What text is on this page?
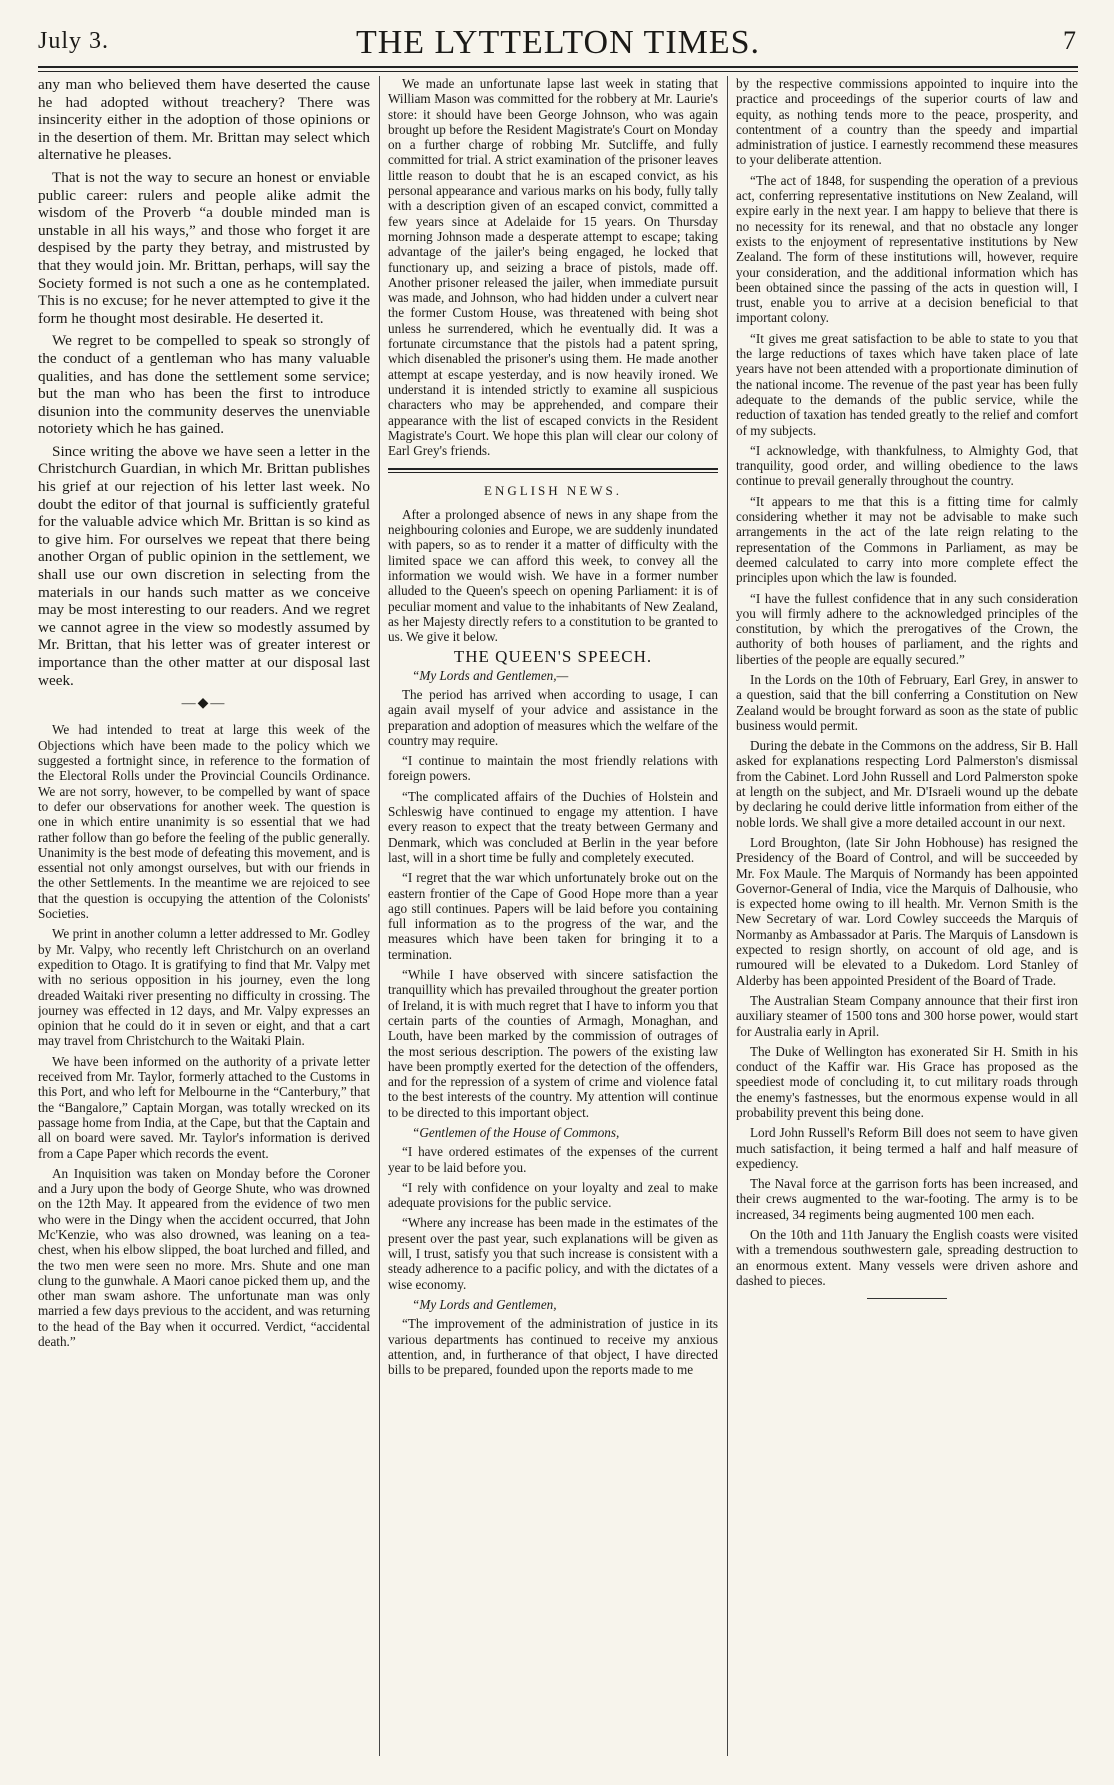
July 3.	THE LYTTELTON TIMES.	7

any man who believed them have deserted the cause he had adopted without treachery? There was insincerity either in the adoption of those opinions or in the desertion of them. Mr. Brittan may select which alternative he pleases.

That is not the way to secure an honest or enviable public career: rulers and people alike admit the wisdom of the Proverb “a double minded man is unstable in all his ways,” and those who forget it are despised by the party they betray, and mistrusted by that they would join. Mr. Brittan, perhaps, will say the Society formed is not such a one as he contemplated. This is no excuse; for he never attempted to give it the form he thought most desirable. He deserted it.

We regret to be compelled to speak so strongly of the conduct of a gentleman who has many valuable qualities, and has done the settlement some service; but the man who has been the first to introduce disunion into the community deserves the unenviable notoriety which he has gained.

Since writing the above we have seen a letter in the Christchurch Guardian, in which Mr. Brittan publishes his grief at our rejection of his letter last week. No doubt the editor of that journal is sufficiently grateful for the valuable advice which Mr. Brittan is so kind as to give him. For ourselves we repeat that there being another Organ of public opinion in the settlement, we shall use our own discretion in selecting from the materials in our hands such matter as we conceive may be most interesting to our readers. And we regret we cannot agree in the view so modestly assumed by Mr. Brittan, that his letter was of greater interest or importance than the other matter at our disposal last week.

—◆—

We had intended to treat at large this week of the Objections which have been made to the policy which we suggested a fortnight since, in reference to the formation of the Electoral Rolls under the Provincial Councils Ordinance. We are not sorry, however, to be compelled by want of space to defer our observations for another week. The question is one in which entire unanimity is so essential that we had rather follow than go before the feeling of the public generally. Unanimity is the best mode of defeating this movement, and is essential not only amongst ourselves, but with our friends in the other Settlements. In the meantime we are rejoiced to see that the question is occupying the attention of the Colonists' Societies.

We print in another column a letter addressed to Mr. Godley by Mr. Valpy, who recently left Christchurch on an overland expedition to Otago. It is gratifying to find that Mr. Valpy met with no serious opposition in his journey, even the long dreaded Waitaki river presenting no difficulty in crossing. The journey was effected in 12 days, and Mr. Valpy expresses an opinion that he could do it in seven or eight, and that a cart may travel from Christchurch to the Waitaki Plain.

We have been informed on the authority of a private letter received from Mr. Taylor, formerly attached to the Customs in this Port, and who left for Melbourne in the “Canterbury,” that the “Bangalore,” Captain Morgan, was totally wrecked on its passage home from India, at the Cape, but that the Captain and all on board were saved. Mr. Taylor's information is derived from a Cape Paper which records the event.

An Inquisition was taken on Monday before the Coroner and a Jury upon the body of George Shute, who was drowned on the 12th May. It appeared from the evidence of two men who were in the Dingy when the accident occurred, that John Mc'Kenzie, who was also drowned, was leaning on a tea-chest, when his elbow slipped, the boat lurched and filled, and the two men were seen no more. Mrs. Shute and one man clung to the gunwhale. A Maori canoe picked them up, and the other man swam ashore. The unfortunate man was only married a few days previous to the accident, and was returning to the head of the Bay when it occurred. Verdict, “accidental death.”

We made an unfortunate lapse last week in stating that William Mason was committed for the robbery at Mr. Laurie's store: it should have been George Johnson, who was again brought up before the Resident Magistrate's Court on Monday on a further charge of robbing Mr. Sutcliffe, and fully committed for trial. A strict examination of the prisoner leaves little reason to doubt that he is an escaped convict, as his personal appearance and various marks on his body, fully tally with a description given of an escaped convict, committed a few years since at Adelaide for 15 years. On Thursday morning Johnson made a desperate attempt to escape; taking advantage of the jailer's being engaged, he locked that functionary up, and seizing a brace of pistols, made off. Another prisoner released the jailer, when immediate pursuit was made, and Johnson, who had hidden under a culvert near the former Custom House, was threatened with being shot unless he surrendered, which he eventually did. It was a fortunate circumstance that the pistols had a patent spring, which disenabled the prisoner's using them. He made another attempt at escape yesterday, and is now heavily ironed. We understand it is intended strictly to examine all suspicious characters who may be apprehended, and compare their appearance with the list of escaped convicts in the Resident Magistrate's Court. We hope this plan will clear our colony of Earl Grey's friends.

ENGLISH NEWS.

After a prolonged absence of news in any shape from the neighbouring colonies and Europe, we are suddenly inundated with papers, so as to render it a matter of difficulty with the limited space we can afford this week, to convey all the information we would wish. We have in a former number alluded to the Queen's speech on opening Parliament: it is of peculiar moment and value to the inhabitants of New Zealand, as her Majesty directly refers to a constitution to be granted to us. We give it below.

THE QUEEN'S SPEECH.

“My Lords and Gentlemen,—

The period has arrived when according to usage, I can again avail myself of your advice and assistance in the preparation and adoption of measures which the welfare of the country may require.

“I continue to maintain the most friendly relations with foreign powers.

“The complicated affairs of the Duchies of Holstein and Schleswig have continued to engage my attention. I have every reason to expect that the treaty between Germany and Denmark, which was concluded at Berlin in the year before last, will in a short time be fully and completely executed.

“I regret that the war which unfortunately broke out on the eastern frontier of the Cape of Good Hope more than a year ago still continues. Papers will be laid before you containing full information as to the progress of the war, and the measures which have been taken for bringing it to a termination.

“While I have observed with sincere satisfaction the tranquillity which has prevailed throughout the greater portion of Ireland, it is with much regret that I have to inform you that certain parts of the counties of Armagh, Monaghan, and Louth, have been marked by the commission of outrages of the most serious description. The powers of the existing law have been promptly exerted for the detection of the offenders, and for the repression of a system of crime and violence fatal to the best interests of the country. My attention will continue to be directed to this important object.

“Gentlemen of the House of Commons,

“I have ordered estimates of the expenses of the current year to be laid before you.

“I rely with confidence on your loyalty and zeal to make adequate provisions for the public service.

“Where any increase has been made in the estimates of the present over the past year, such explanations will be given as will, I trust, satisfy you that such increase is consistent with a steady adherence to a pacific policy, and with the dictates of a wise economy.

“My Lords and Gentlemen,

“The improvement of the administration of justice in its various departments has continued to receive my anxious attention, and, in furtherance of that object, I have directed bills to be prepared, founded upon the reports made to me

by the respective commissions appointed to inquire into the practice and proceedings of the superior courts of law and equity, as nothing tends more to the peace, prosperity, and contentment of a country than the speedy and impartial administration of justice. I earnestly recommend these measures to your deliberate attention.

“The act of 1848, for suspending the operation of a previous act, conferring representative institutions on New Zealand, will expire early in the next year. I am happy to believe that there is no necessity for its renewal, and that no obstacle any longer exists to the enjoyment of representative institutions by New Zealand. The form of these institutions will, however, require your consideration, and the additional information which has been obtained since the passing of the acts in question will, I trust, enable you to arrive at a decision beneficial to that important colony.

“It gives me great satisfaction to be able to state to you that the large reductions of taxes which have taken place of late years have not been attended with a proportionate diminution of the national income. The revenue of the past year has been fully adequate to the demands of the public service, while the reduction of taxation has tended greatly to the relief and comfort of my subjects.

“I acknowledge, with thankfulness, to Almighty God, that tranquility, good order, and willing obedience to the laws continue to prevail generally throughout the country.

“It appears to me that this is a fitting time for calmly considering whether it may not be advisable to make such arrangements in the act of the late reign relating to the representation of the Commons in Parliament, as may be deemed calculated to carry into more complete effect the principles upon which the law is founded.

“I have the fullest confidence that in any such consideration you will firmly adhere to the acknowledged principles of the constitution, by which the prerogatives of the Crown, the authority of both houses of parliament, and the rights and liberties of the people are equally secured.”

In the Lords on the 10th of February, Earl Grey, in answer to a question, said that the bill conferring a Constitution on New Zealand would be brought forward as soon as the state of public business would permit.

During the debate in the Commons on the address, Sir B. Hall asked for explanations respecting Lord Palmerston's dismissal from the Cabinet. Lord John Russell and Lord Palmerston spoke at length on the subject, and Mr. D'Israeli wound up the debate by declaring he could derive little information from either of the noble lords. We shall give a more detailed account in our next.

Lord Broughton, (late Sir John Hobhouse) has resigned the Presidency of the Board of Control, and will be succeeded by Mr. Fox Maule. The Marquis of Normandy has been appointed Governor-General of India, vice the Marquis of Dalhousie, who is expected home owing to ill health. Mr. Vernon Smith is the New Secretary of war. Lord Cowley succeeds the Marquis of Normanby as Ambassador at Paris. The Marquis of Lansdown is expected to resign shortly, on account of old age, and is rumoured will be elevated to a Dukedom. Lord Stanley of Alderby has been appointed President of the Board of Trade.

The Australian Steam Company announce that their first iron auxiliary steamer of 1500 tons and 300 horse power, would start for Australia early in April.

The Duke of Wellington has exonerated Sir H. Smith in his conduct of the Kaffir war. His Grace has proposed as the speediest mode of concluding it, to cut military roads through the enemy's fastnesses, but the enormous expense would in all probability prevent this being done.

Lord John Russell's Reform Bill does not seem to have given much satisfaction, it being termed a half and half measure of expediency.

The Naval force at the garrison forts has been increased, and their crews augmented to the war-footing. The army is to be increased, 34 regiments being augmented 100 men each.

On the 10th and 11th January the English coasts were visited with a tremendous southwestern gale, spreading destruction to an enormous extent. Many vessels were driven ashore and dashed to pieces.
